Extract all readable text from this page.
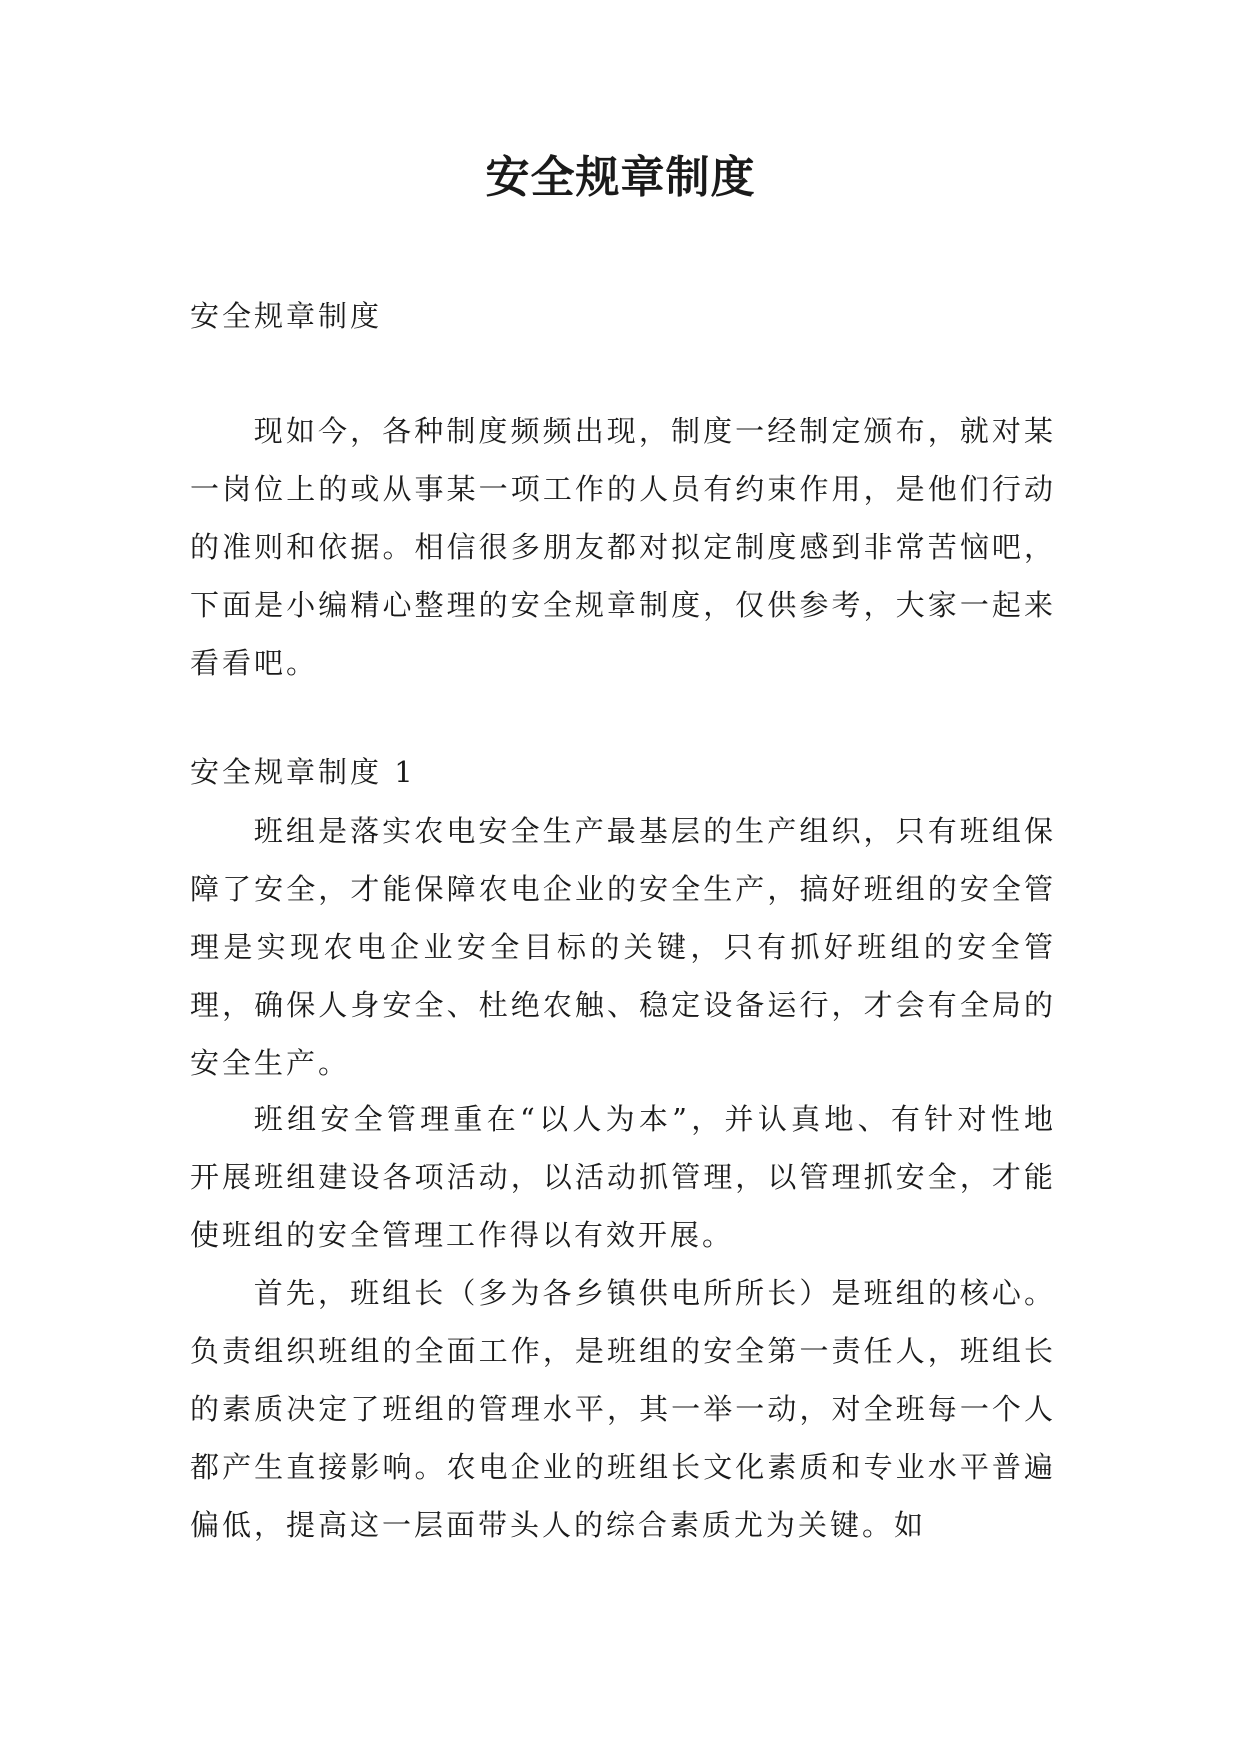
安全规章制度

安全规章制度

现如今，各种制度频频出现，制度一经制定颁布，就对某一岗位上的或从事某一项工作的人员有约束作用，是他们行动的准则和依据。相信很多朋友都对拟定制度感到非常苦恼吧，下面是小编精心整理的安全规章制度，仅供参考，大家一起来看看吧。

安全规章制度 1

班组是落实农电安全生产最基层的生产组织，只有班组保障了安全，才能保障农电企业的安全生产，搞好班组的安全管理是实现农电企业安全目标的关键，只有抓好班组的安全管理，确保人身安全、杜绝农触、稳定设备运行，才会有全局的安全生产。

班组安全管理重在“以人为本”，并认真地、有针对性地开展班组建设各项活动，以活动抓管理，以管理抓安全，才能使班组的安全管理工作得以有效开展。

首先，班组长（多为各乡镇供电所所长）是班组的核心。负责组织班组的全面工作，是班组的安全第一责任人，班组长的素质决定了班组的管理水平，其一举一动，对全班每一个人都产生直接影响。农电企业的班组长文化素质和专业水平普遍偏低，提高这一层面带头人的综合素质尤为关键。如
